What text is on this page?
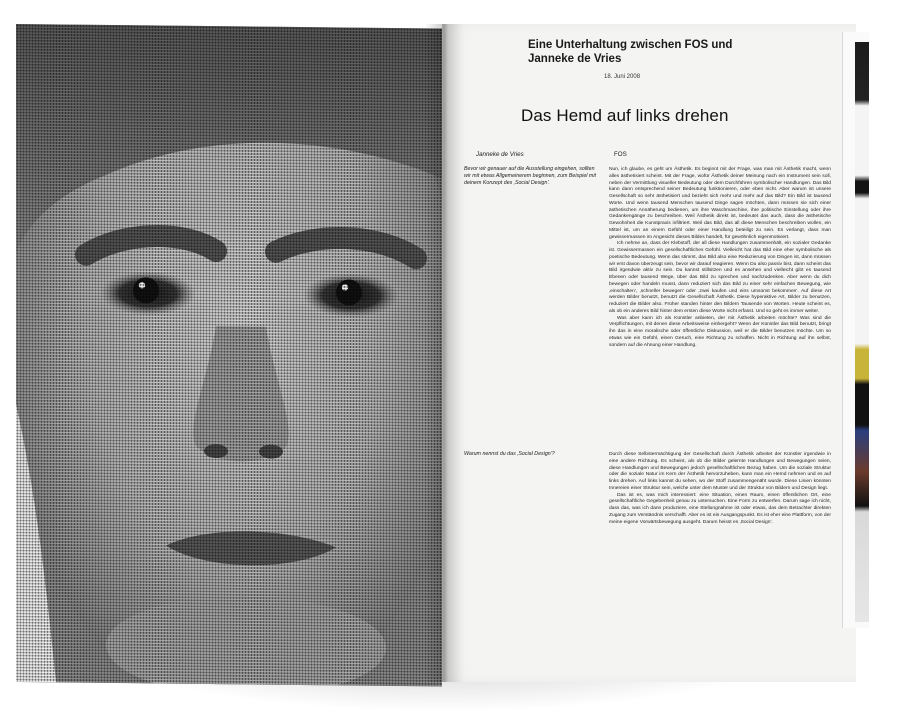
Eine Unterhaltung zwischen FOS und Janneke de Vries
18. Juni 2008
Das Hemd auf links drehen
Janneke de Vries	FOS
Bevor wir genauer auf die Ausstellung eingehen, sollten wir mit etwas Allgemeinerem beginnen, zum Beispiel mit deinem Konzept des ‚Social Design'.

Nun, ich glaube, es geht um Ästhetik. Es beginnt mit der Frage, was man mit Ästhetik macht, wenn alles ästhetisiert scheint. Mit der Frage, wofür Ästhetik deiner Meinung nach ein Instrument sein soll, neben der Vermittlung visueller Bedeutung oder dem Durchführen symbolischer Handlungen. Das Bild kann dann entsprechend seiner Bedeutung funktionieren, oder eben nicht. Aber warum ist unsere Gesellschaft so sehr ästhetisiert und bezieht sich mehr und mehr auf das Bild? Ein Bild ist tausend Worte. Und wenn tausend Menschen tausend Dinge sagen möchten, dann müssen sie sich einer ästhetischen Annäherung bedienen, um ihre Waschmaschine, ihre politische Einstellung oder ihre Gedankengänge zu beschreiben. Weil Ästhetik direkt ist, bedeutet das auch, dass die ästhetische Gewohnheit die Kunstpraxis infiltriert. Weil das Bild, das all diese Menschen beschreiben wollen, ein Mittel ist, um an einem Gefühl oder einer Handlung beteiligt zu sein. Es verlangt, dass man gewissermassen im Angesicht dieses Bildes handelt, für gewöhnlich eigenmotiviert.

Ich nehme an, dass der Klebstoff, der all diese Handlungen zusammenhält, ein sozialer Gedanke ist. Gewissermassen ein gesellschaftliches Gefühl. Vielleicht hat das Bild eine eher symbolische als poetische Bedeutung. Wenn das stimmt, das Bild also eine Reduzierung von Dingen ist, dann müssen wir erst davon überzeugt sein, bevor wir darauf reagieren. Wenn Du also passiv bist, dann scheint das Bild irgendwie aktiv zu sein. Du kannst stillsitzen und es ansehen und vielleicht gibt es tausend Ebenen oder tausend Wege, über das Bild zu sprechen und nachzudenken. Aber wenn du dich bewegen oder handeln musst, dann reduziert sich das Bild zu einer sehr einfachen Bewegung, wie ‚einschalten', ‚schneller bewegen' oder ‚zwei kaufen und eins umsonst bekommen'. Auf diese Art werden Bilder benutzt, benutzt die Gesellschaft Ästhetik. Diese hyperaktive Art, Bilder zu benutzen, reduziert die Bilder also. Früher standen hinter den Bildern Tausende von Worten. Heute scheint es, als ob ein anderes Bild hinter dem ersten diese Worte nicht erfasst. Und so geht es immer weiter.

Was aber kann ich als Künstler anbieten, der mit Ästhetik arbeiten möchte? Was sind die Verpflichtungen, mit denen diese Arbeitsweise einhergeht? Wenn der Künstler das Bild benutzt, bringt ihn das in eine moralische oder öffentliche Diskussion, weil er die Bilder benutzen möchte. Um so etwas wie ein Gefühl, einen Geruch, eine Richtung zu schaffen. Nicht in Richtung auf ihn selbst, sondern auf die Ahnung einer Handlung.

Warum nennst du das ‚Social Design'?	Durch diese Selbstermächtigung der Gesellschaft durch Ästhetik arbeitet der Künstler irgendwie in eine andere Richtung. Es scheint, als ob die Bilder gelernte Handlungen und Bewegungen seien, diese Handlungen und Bewegungen jedoch gesellschaftlichen Bezug haben. Um die soziale Struktur oder die soziale Natur im Kern der Ästhetik hervorzuheben, kann man ein Hemd nehmen und es auf links drehen. Auf links kannst du sehen, wo der Stoff zusammengenäht wurde. Diese Linien könnten Innereien einer Struktur sein, welche unter dem Muster und der Struktur von Bildern und Design liegt.

Das ist es, was mich interessiert: eine Situation, einen Raum, einen öffentlichen Ort, eine gesellschaftliche Gegebenheit genau zu untersuchen. Eine Form zu entwerfen. Darum sage ich nicht, dass das, was ich dann produziere, eine Stellungnahme ist oder etwas, das dem Betrachter direkten Zugang zum Verständnis verschafft. Aber es ist ein Ausgangspunkt. Es ist eher eine Plattform, von der meine eigene Vorwärtsbewegung ausgeht. Darum heisst es ‚Social Design'.
